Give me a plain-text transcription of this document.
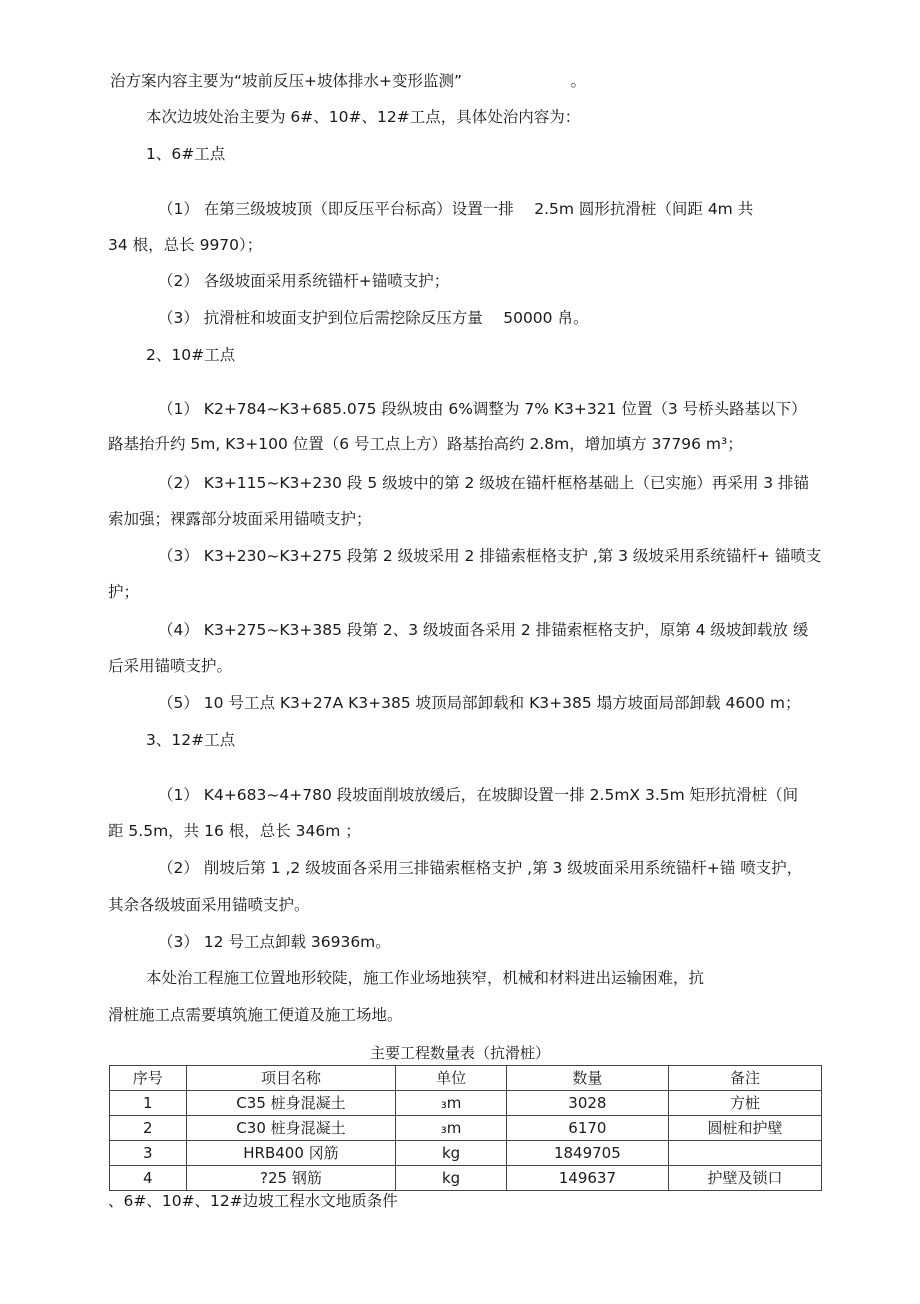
治方案内容主要为“坡前反压+坡体排水+变形监测”　　　　　　　。
本次边坡处治主要为 6#、10#、12#工点，具体处治内容为：
1、6#工点
（1） 在第三级坡坡顶（即反压平台标高）设置一排　 2.5m 圆形抗滑桩（间距 4m 共
34 根，总长 9970）；
（2） 各级坡面采用系统锚杆+锚喷支护；
（3） 抗滑桩和坡面支护到位后需挖除反压方量　 50000 帛。
2、10#工点
（1） K2+784~K3+685.075 段纵坡由 6%调整为 7% K3+321 位置（3 号桥头路基以下）
路基抬升约 5m, K3+100 位置（6 号工点上方）路基抬高约 2.8m，增加填方 37796 m³；
（2） K3+115~K3+230 段 5 级坡中的第 2 级坡在锚杆框格基础上（已实施）再采用 3 排锚
索加强；裸露部分坡面采用锚喷支护；
（3） K3+230~K3+275 段第 2 级坡采用 2 排锚索框格支护 ,第 3 级坡采用系统锚杆+ 锚喷支
护；
（4） K3+275~K3+385 段第 2、3 级坡面各采用 2 排锚索框格支护，原第 4 级坡卸载放 缓
后采用锚喷支护。
（5） 10 号工点 K3+27A K3+385 坡顶局部卸载和 K3+385 塌方坡面局部卸载 4600 m；
3、12#工点
（1） K4+683~4+780 段坡面削坡放缓后，在坡脚设置一排 2.5mX 3.5m 矩形抗滑桩（间
距 5.5m，共 16 根，总长 346m ；
（2） 削坡后第 1 ,2 级坡面各采用三排锚索框格支护 ,第 3 级坡面采用系统锚杆+锚 喷支护，
其余各级坡面采用锚喷支护。
（3） 12 号工点卸载 36936m。
本处治工程施工位置地形较陡，施工作业场地狭窄，机械和材料进出运输困难，抗
滑桩施工点需要填筑施工便道及施工场地。
主要工程数量表（抗滑桩）
序号	项目名称	单位	数量	备注
1	C35 桩身混凝土	₃m	3028	方桩
2	C30 桩身混凝土	₃m	6170	圆桩和护壁
3	HRB400 冈筋	kg	1849705	
4	?25 钢筋	kg	149637	护壁及锁口
、6#、10#、12#边坡工程水文地质条件
